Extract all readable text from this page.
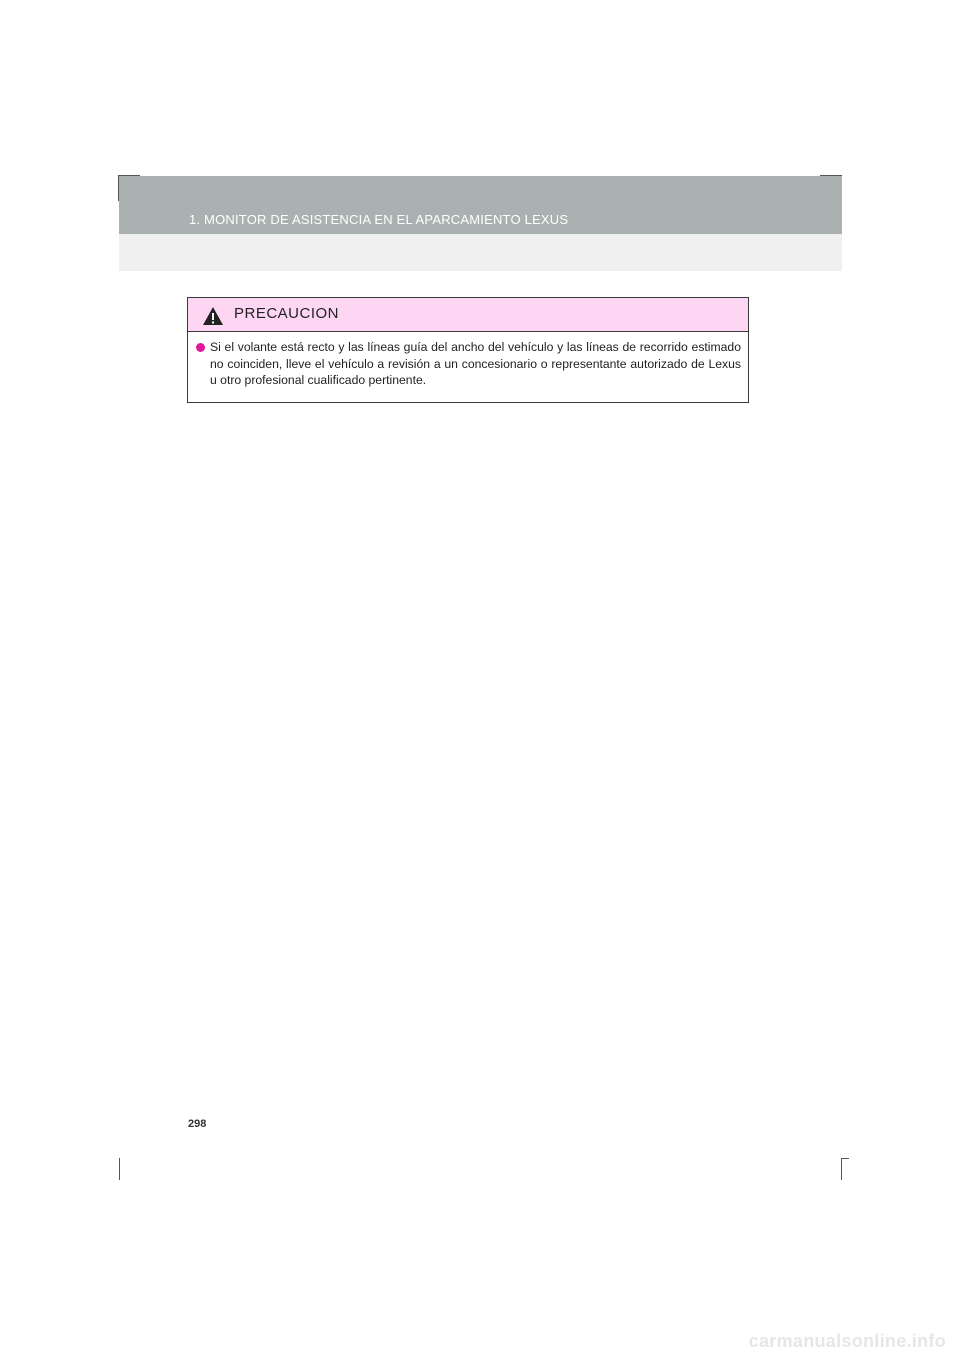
1. MONITOR DE ASISTENCIA EN EL APARCAMIENTO LEXUS
PRECAUCION

Si el volante está recto y las líneas guía del ancho del vehículo y las líneas de recorrido estimado no coinciden, lleve el vehículo a revisión a un concesionario o representante autorizado de Lexus u otro profesional cualificado pertinente.

298
carmanualsonline.info
